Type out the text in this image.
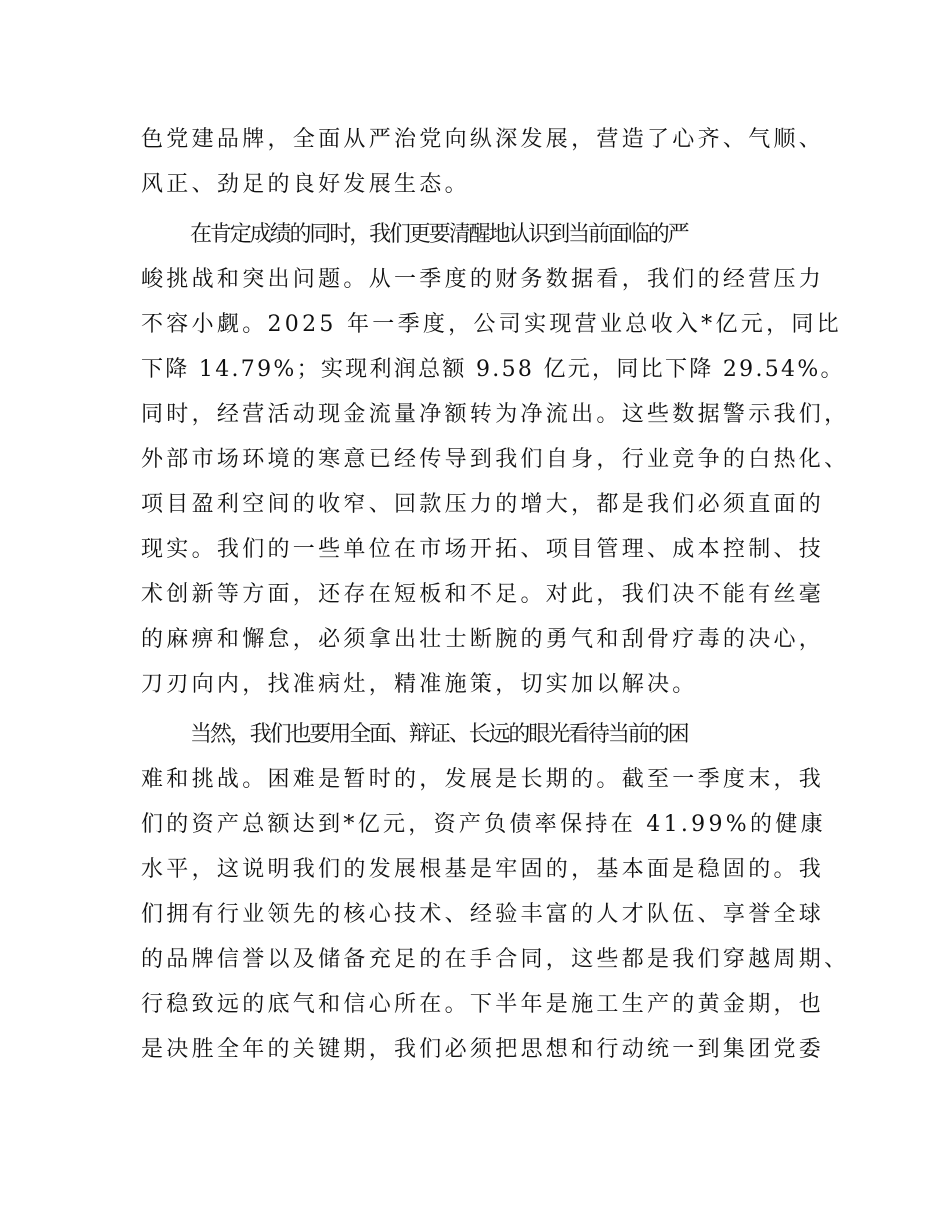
色党建品牌，全面从严治党向纵深发展，营造了心齐、气顺、
风正、劲足的良好发展生态。
在肯定成绩的同时，我们更要清醒地认识到当前面临的严
峻挑战和突出问题。从一季度的财务数据看，我们的经营压力
不容小觑。2025 年一季度，公司实现营业总收入*亿元，同比
下降 14.79%；实现利润总额 9.58 亿元，同比下降 29.54%。
同时，经营活动现金流量净额转为净流出。这些数据警示我们，
外部市场环境的寒意已经传导到我们自身，行业竞争的白热化、
项目盈利空间的收窄、回款压力的增大，都是我们必须直面的
现实。我们的一些单位在市场开拓、项目管理、成本控制、技
术创新等方面，还存在短板和不足。对此，我们决不能有丝毫
的麻痹和懈怠，必须拿出壮士断腕的勇气和刮骨疗毒的决心，
刀刃向内，找准病灶，精准施策，切实加以解决。
当然，我们也要用全面、辩证、长远的眼光看待当前的困
难和挑战。困难是暂时的，发展是长期的。截至一季度末，我
们的资产总额达到*亿元，资产负债率保持在 41.99%的健康
水平，这说明我们的发展根基是牢固的，基本面是稳固的。我
们拥有行业领先的核心技术、经验丰富的人才队伍、享誉全球
的品牌信誉以及储备充足的在手合同，这些都是我们穿越周期、
行稳致远的底气和信心所在。下半年是施工生产的黄金期，也
是决胜全年的关键期，我们必须把思想和行动统一到集团党委
